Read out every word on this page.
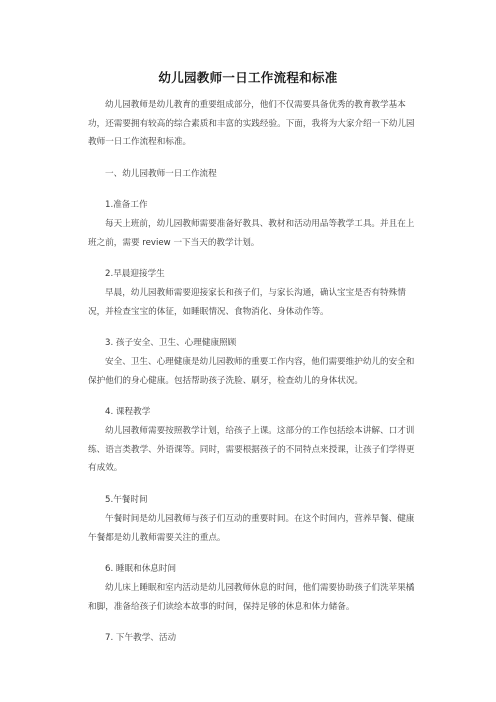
幼儿园教师一日工作流程和标准

幼儿园教师是幼儿教育的重要组成部分，他们不仅需要具备优秀的教育教学基本功，还需要拥有较高的综合素质和丰富的实践经验。下面，我将为大家介绍一下幼儿园教师一日工作流程和标准。

一、幼儿园教师一日工作流程

1.准备工作

每天上班前，幼儿园教师需要准备好教具、教材和活动用品等教学工具。并且在上班之前，需要 review 一下当天的教学计划。

2.早晨迎接学生

早晨，幼儿园教师需要迎接家长和孩子们，与家长沟通，确认宝宝是否有特殊情况，并检查宝宝的体征，如睡眠情况、食物消化、身体动作等。

3. 孩子安全、卫生、心理健康照顾

安全、卫生、心理健康是幼儿园教师的重要工作内容，他们需要维护幼儿的安全和保护他们的身心健康。包括帮助孩子洗脸、刷牙，检查幼儿的身体状况。

4. 课程教学

幼儿园教师需要按照教学计划，给孩子上课。这部分的工作包括绘本讲解、口才训练、语言类教学、外语课等。同时，需要根据孩子的不同特点来授课，让孩子们学得更有成效。

5.午餐时间

午餐时间是幼儿园教师与孩子们互动的重要时间。在这个时间内，营养早餐、健康午餐都是幼儿教师需要关注的重点。

6. 睡眠和休息时间

幼儿床上睡眠和室内活动是幼儿园教师休息的时间，他们需要协助孩子们洗苹果橘和脚，准备给孩子们读绘本故事的时间，保持足够的休息和体力储备。

7. 下午教学、活动
